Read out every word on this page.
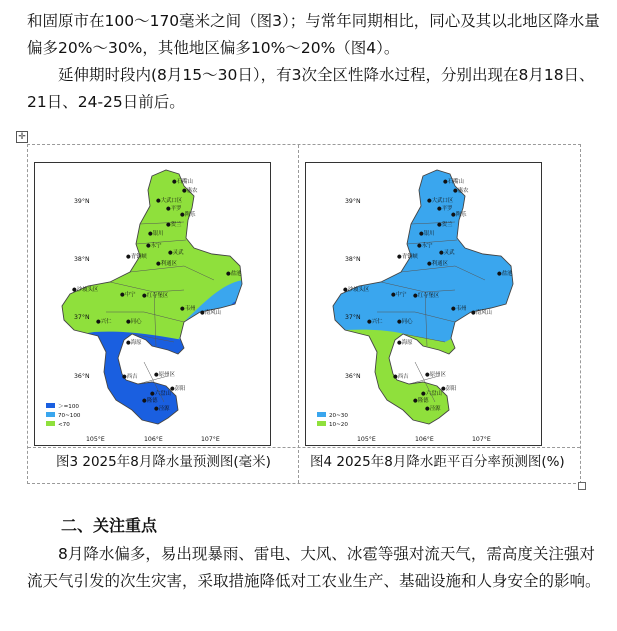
和固原市在100～170毫米之间（图3）；与常年同期相比，同心及其以北地区降水量偏多20%～30%，其他地区偏多10%～20%（图4）。

延伸期时段内(8月15～30日），有3次全区性降水过程，分别出现在8月18日、21日、24-25日前后。

✛
39°N
38°N
37°N
36°N
105°E	106°E	107°E
●石嘴山
●惠农
●大武口区
●平罗
●陶乐
●银川
●贺兰
●永宁
●青铜峡
●灵武
●利通区
●盐池
●沙坡头区
●中宁 ●红寺堡区
●韦州
●同心
●兴仁
●南风山
●海原
●西吉	●原州区
●彭阳
●隆德
●六盘山
●泾源
＞=100
70~100
<70
图3 2025年8月降水量预测图(毫米)
39°N
38°N
37°N
36°N
105°E	106°E	107°E
●石嘴山
●惠农
●大武口区
●平罗
●陶乐
●银川
●贺兰
●永宁
●青铜峡
●灵武
●利通区
●盐池
●沙坡头区
●中宁 ●红寺堡区
●韦州
●同心
●兴仁
●南风山
●海原
●西吉	●原州区
●彭阳
●隆德
●六盘山
●泾源
20~30
10~20
图4 2025年8月降水距平百分率预测图(%)

二、关注重点

8月降水偏多，易出现暴雨、雷电、大风、冰雹等强对流天气，需高度关注强对流天气引发的次生灾害，采取措施降低对工农业生产、基础设施和人身安全的影响。
